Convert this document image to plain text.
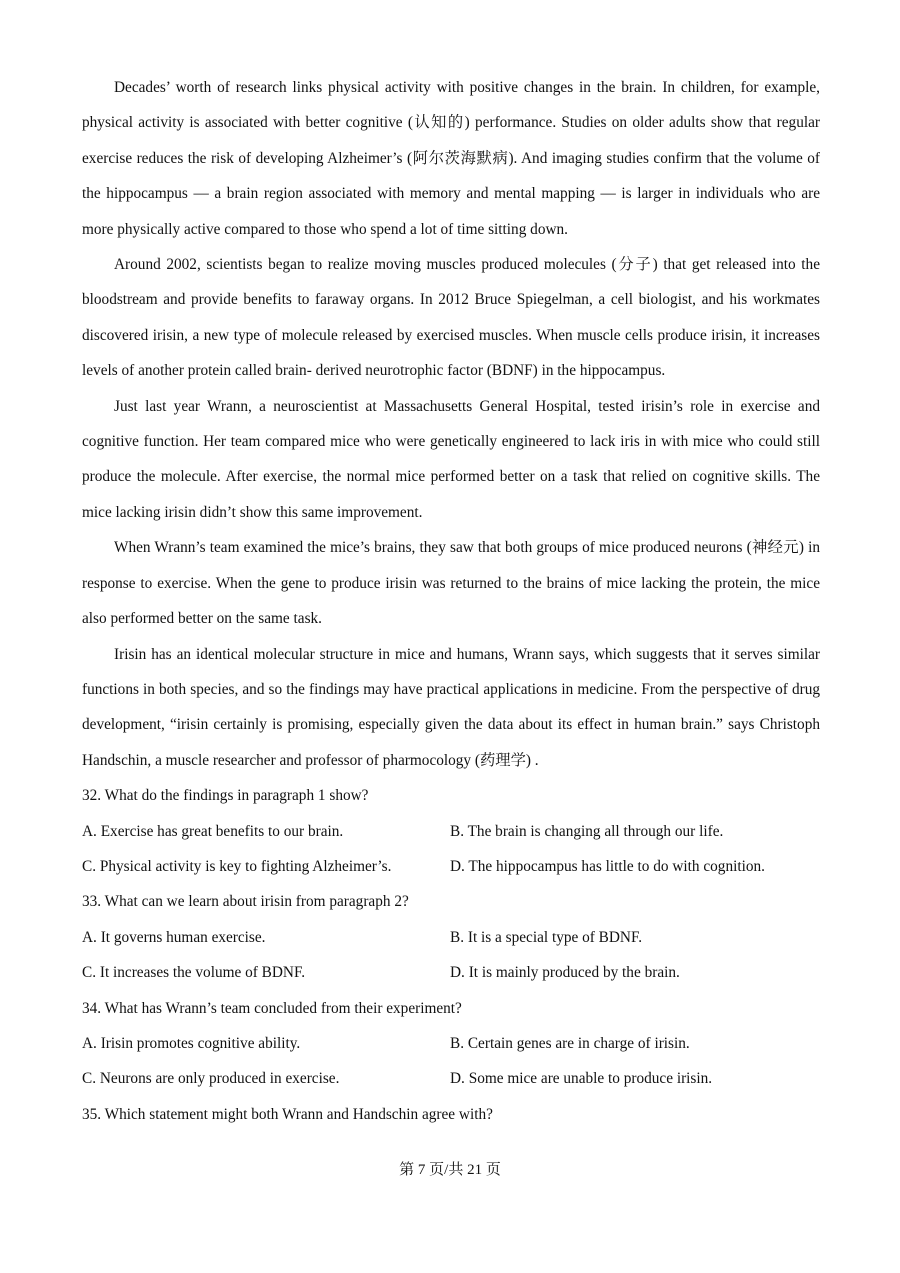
Decades’ worth of research links physical activity with positive changes in the brain. In children, for example, physical activity is associated with better cognitive (认知的) performance. Studies on older adults show that regular exercise reduces the risk of developing Alzheimer’s (阿尔茨海默病). And imaging studies confirm that the volume of the hippocampus — a brain region associated with memory and mental mapping — is larger in individuals who are more physically active compared to those who spend a lot of time sitting down.

Around 2002, scientists began to realize moving muscles produced molecules (分子) that get released into the bloodstream and provide benefits to faraway organs. In 2012 Bruce Spiegelman, a cell biologist, and his workmates discovered irisin, a new type of molecule released by exercised muscles. When muscle cells produce irisin, it increases levels of another protein called brain- derived neurotrophic factor (BDNF) in the hippocampus.

Just last year Wrann, a neuroscientist at Massachusetts General Hospital, tested irisin’s role in exercise and cognitive function. Her team compared mice who were genetically engineered to lack iris in with mice who could still produce the molecule. After exercise, the normal mice performed better on a task that relied on cognitive skills. The mice lacking irisin didn’t show this same improvement.

When Wrann’s team examined the mice’s brains, they saw that both groups of mice produced neurons (神经元) in response to exercise. When the gene to produce irisin was returned to the brains of mice lacking the protein, the mice also performed better on the same task.

Irisin has an identical molecular structure in mice and humans, Wrann says, which suggests that it serves similar functions in both species, and so the findings may have practical applications in medicine. From the perspective of drug development, “irisin certainly is promising, especially given the data about its effect in human brain.” says Christoph Handschin, a muscle researcher and professor of pharmocology (药理学) .

32. What do the findings in paragraph 1 show?

A. Exercise has great benefits to our brain.	B. The brain is changing all through our life.
C. Physical activity is key to fighting Alzheimer’s.	D. The hippocampus has little to do with cognition.

33. What can we learn about irisin from paragraph 2?

A. It governs human exercise.	B. It is a special type of BDNF.
C. It increases the volume of BDNF.	D. It is mainly produced by the brain.

34. What has Wrann’s team concluded from their experiment?

A. Irisin promotes cognitive ability.	B. Certain genes are in charge of irisin.
C. Neurons are only produced in exercise.	D. Some mice are unable to produce irisin.

35. Which statement might both Wrann and Handschin agree with?

第 7 页/共 21 页
